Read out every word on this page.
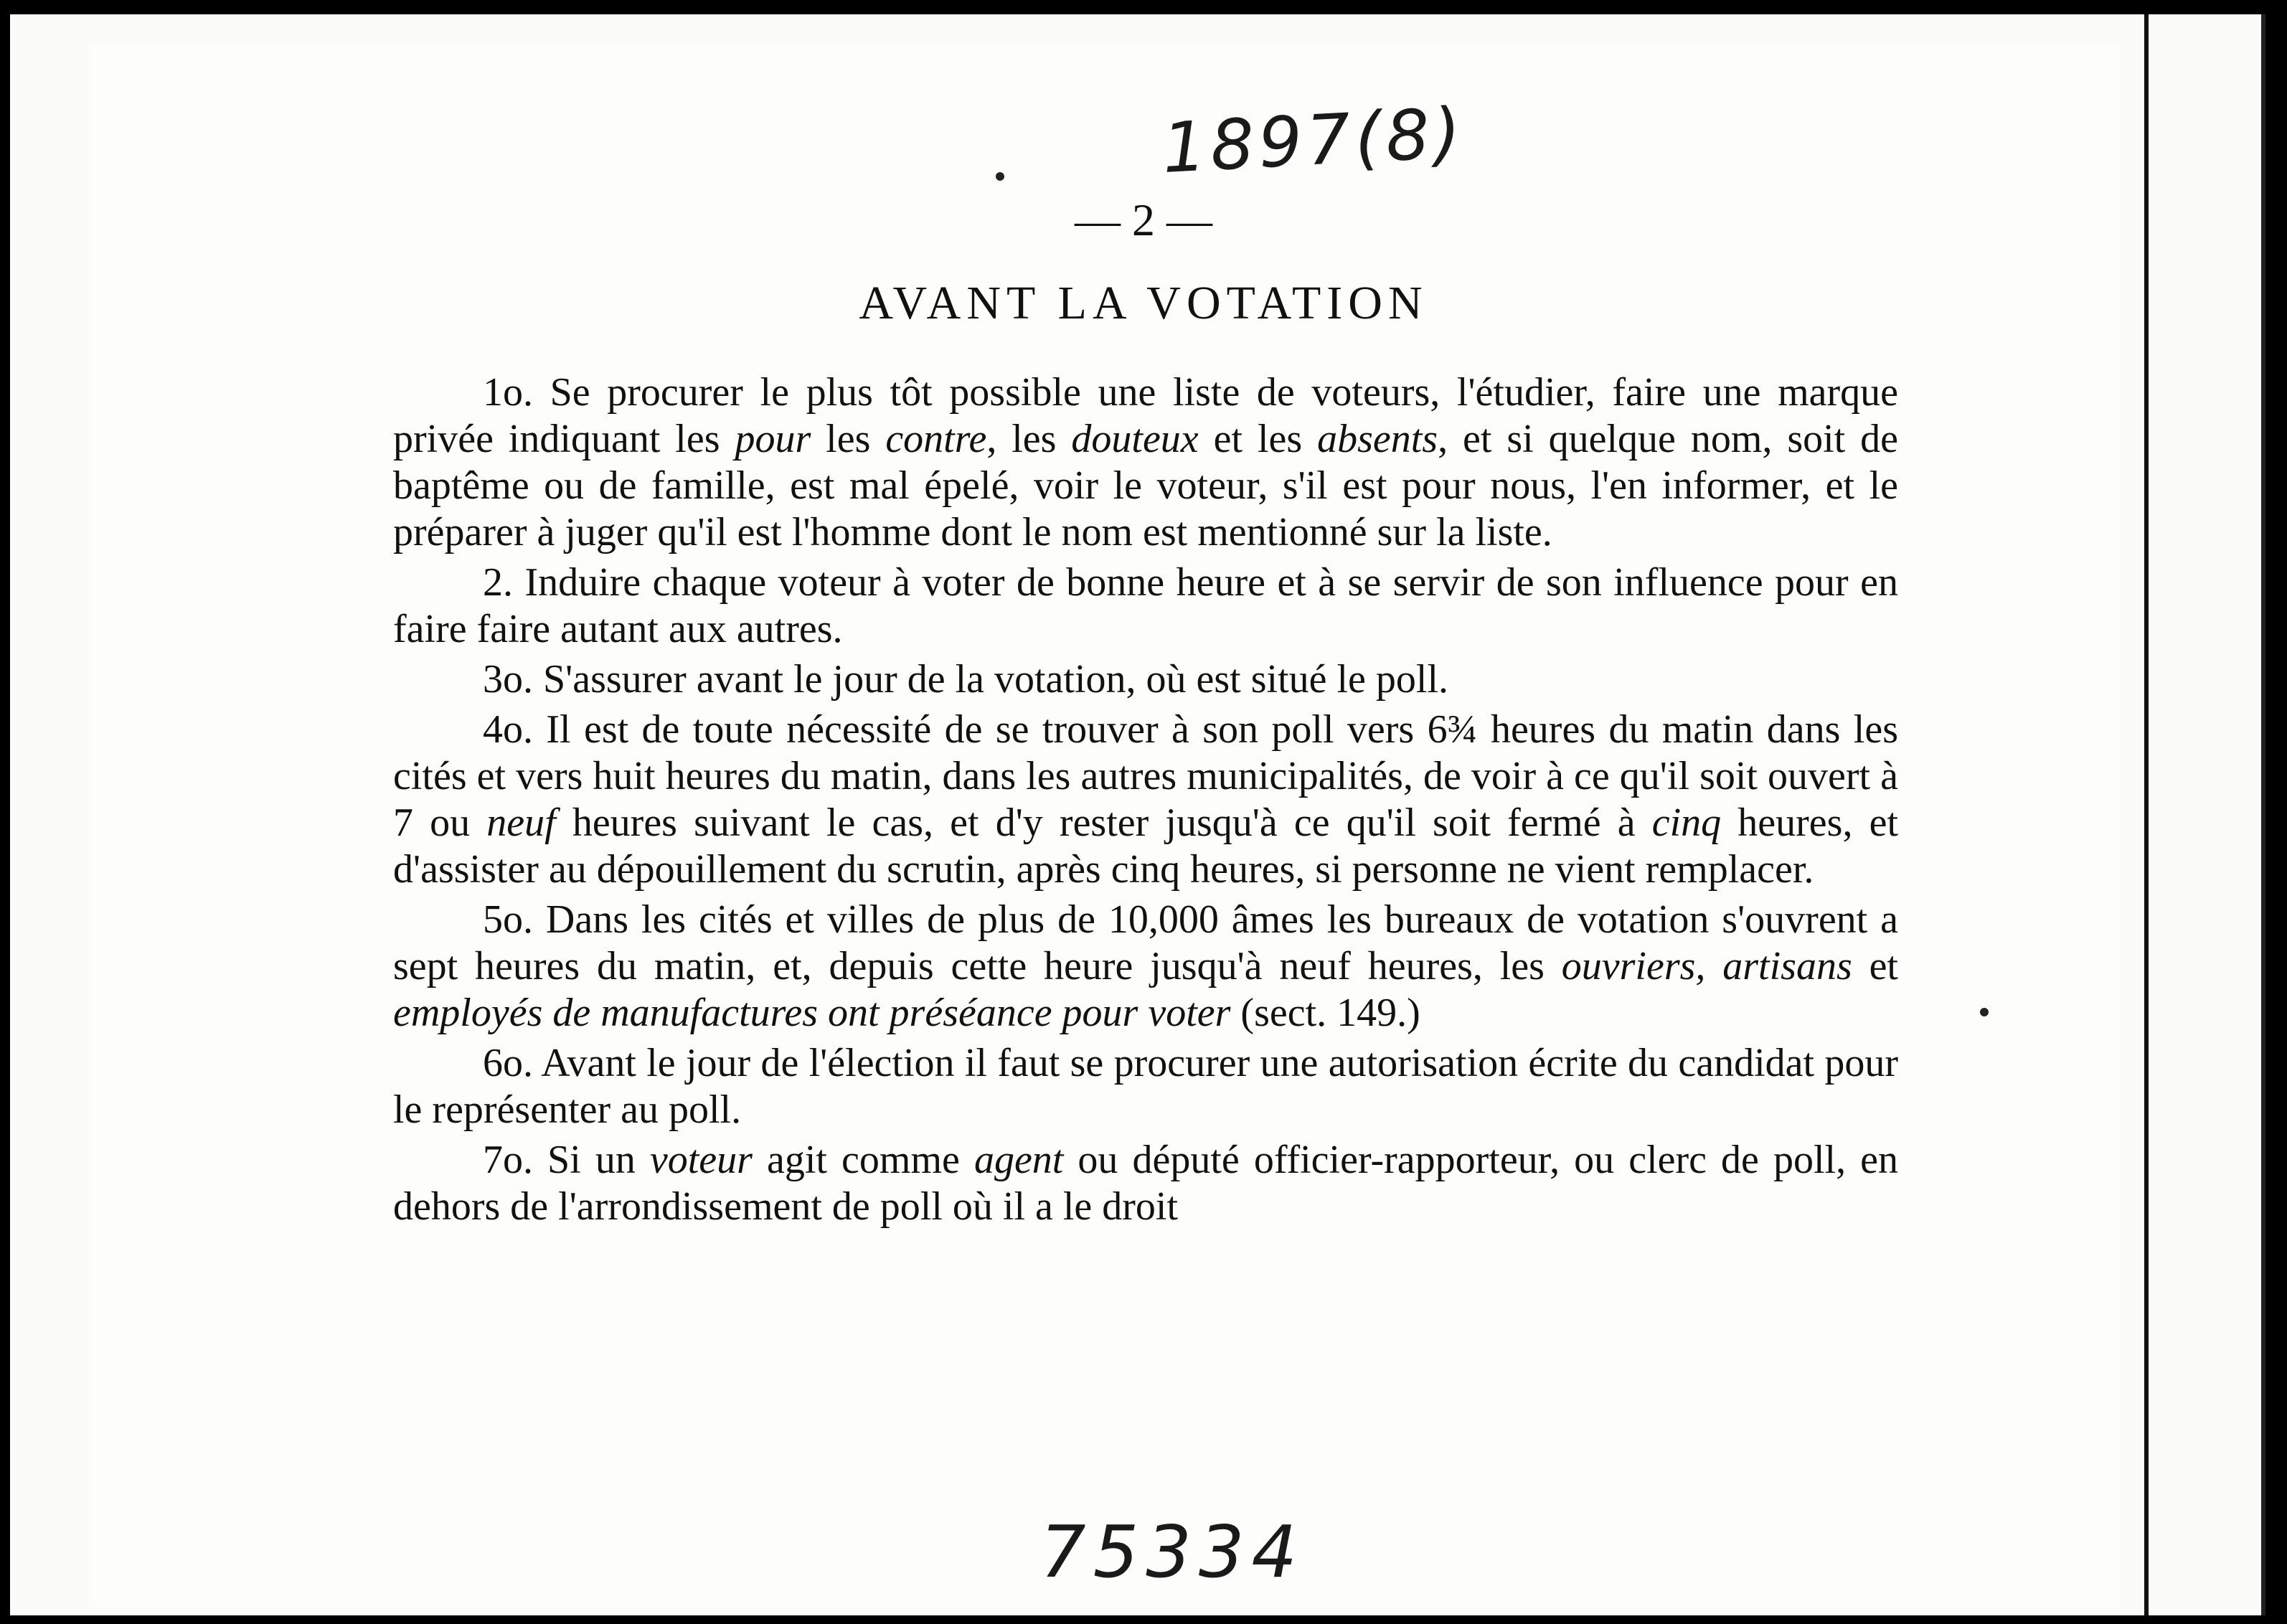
1897(8)
— 2 —
AVANT LA VOTATION

1o. Se procurer le plus tôt possible une liste de voteurs, l'étudier, faire une marque privée indiquant les pour les contre, les douteux et les absents, et si quelque nom, soit de baptême ou de famille, est mal épelé, voir le voteur, s'il est pour nous, l'en informer, et le préparer à juger qu'il est l'homme dont le nom est mentionné sur la liste.

2. Induire chaque voteur à voter de bonne heure et à se servir de son influence pour en faire faire autant aux autres.

3o. S'assurer avant le jour de la votation, où est situé le poll.

4o. Il est de toute nécessité de se trouver à son poll vers 6¾ heures du matin dans les cités et vers huit heures du matin, dans les autres municipalités, de voir à ce qu'il soit ouvert à 7 ou neuf heures suivant le cas, et d'y rester jusqu'à ce qu'il soit fermé à cinq heures, et d'assister au dépouillement du scrutin, après cinq heures, si personne ne vient remplacer.

5o. Dans les cités et villes de plus de 10,000 âmes les bureaux de votation s'ouvrent a sept heures du matin, et, depuis cette heure jusqu'à neuf heures, les ouvriers, artisans et employés de manufactures ont préséance pour voter (sect. 149.)

6o. Avant le jour de l'élection il faut se procurer une autorisation écrite du candidat pour le représenter au poll.

7o. Si un voteur agit comme agent ou député officier-rapporteur, ou clerc de poll, en dehors de l'arrondissement de poll où il a le droit

75334
